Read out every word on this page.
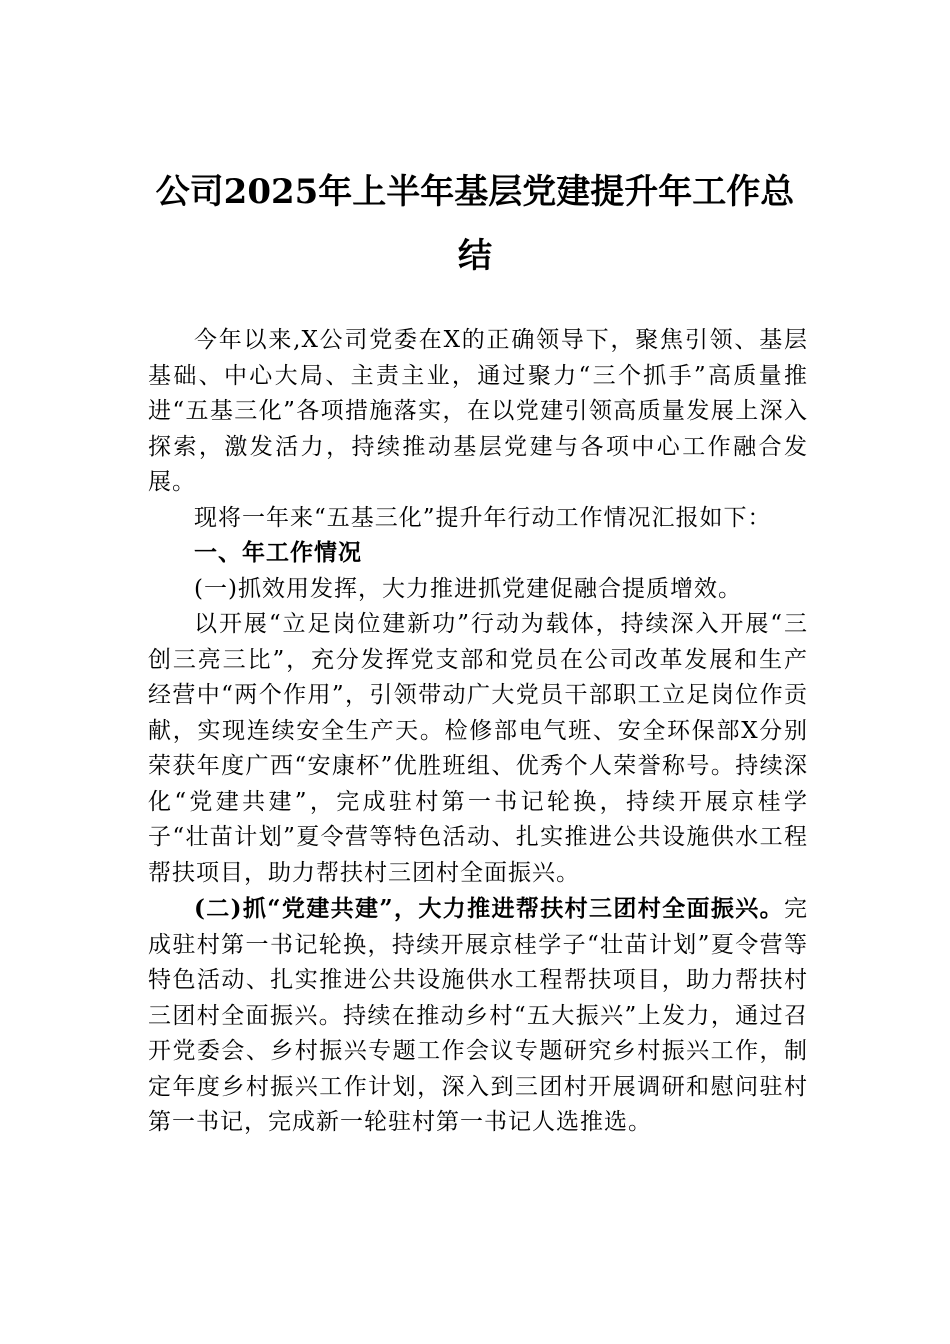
公司2025年上半年基层党建提升年工作总结

今年以来,X公司党委在X的正确领导下，聚焦引领、基层基础、中心大局、主责主业，通过聚力“三个抓手”高质量推进“五基三化”各项措施落实，在以党建引领高质量发展上深入探索，激发活力，持续推动基层党建与各项中心工作融合发展。

现将一年来“五基三化”提升年行动工作情况汇报如下：

一、年工作情况

(一)抓效用发挥，大力推进抓党建促融合提质增效。

以开展“立足岗位建新功”行动为载体，持续深入开展“三创三亮三比”，充分发挥党支部和党员在公司改革发展和生产经营中“两个作用”，引领带动广大党员干部职工立足岗位作贡献，实现连续安全生产天。检修部电气班、安全环保部X分别荣获年度广西“安康杯”优胜班组、优秀个人荣誉称号。持续深化“党建共建”，完成驻村第一书记轮换，持续开展京桂学子“壮苗计划”夏令营等特色活动、扎实推进公共设施供水工程帮扶项目，助力帮扶村三团村全面振兴。

(二)抓“党建共建”，大力推进帮扶村三团村全面振兴。完成驻村第一书记轮换，持续开展京桂学子“壮苗计划”夏令营等特色活动、扎实推进公共设施供水工程帮扶项目，助力帮扶村三团村全面振兴。持续在推动乡村“五大振兴”上发力，通过召开党委会、乡村振兴专题工作会议专题研究乡村振兴工作，制定年度乡村振兴工作计划，深入到三团村开展调研和慰问驻村第一书记，完成新一轮驻村第一书记人选推选。
